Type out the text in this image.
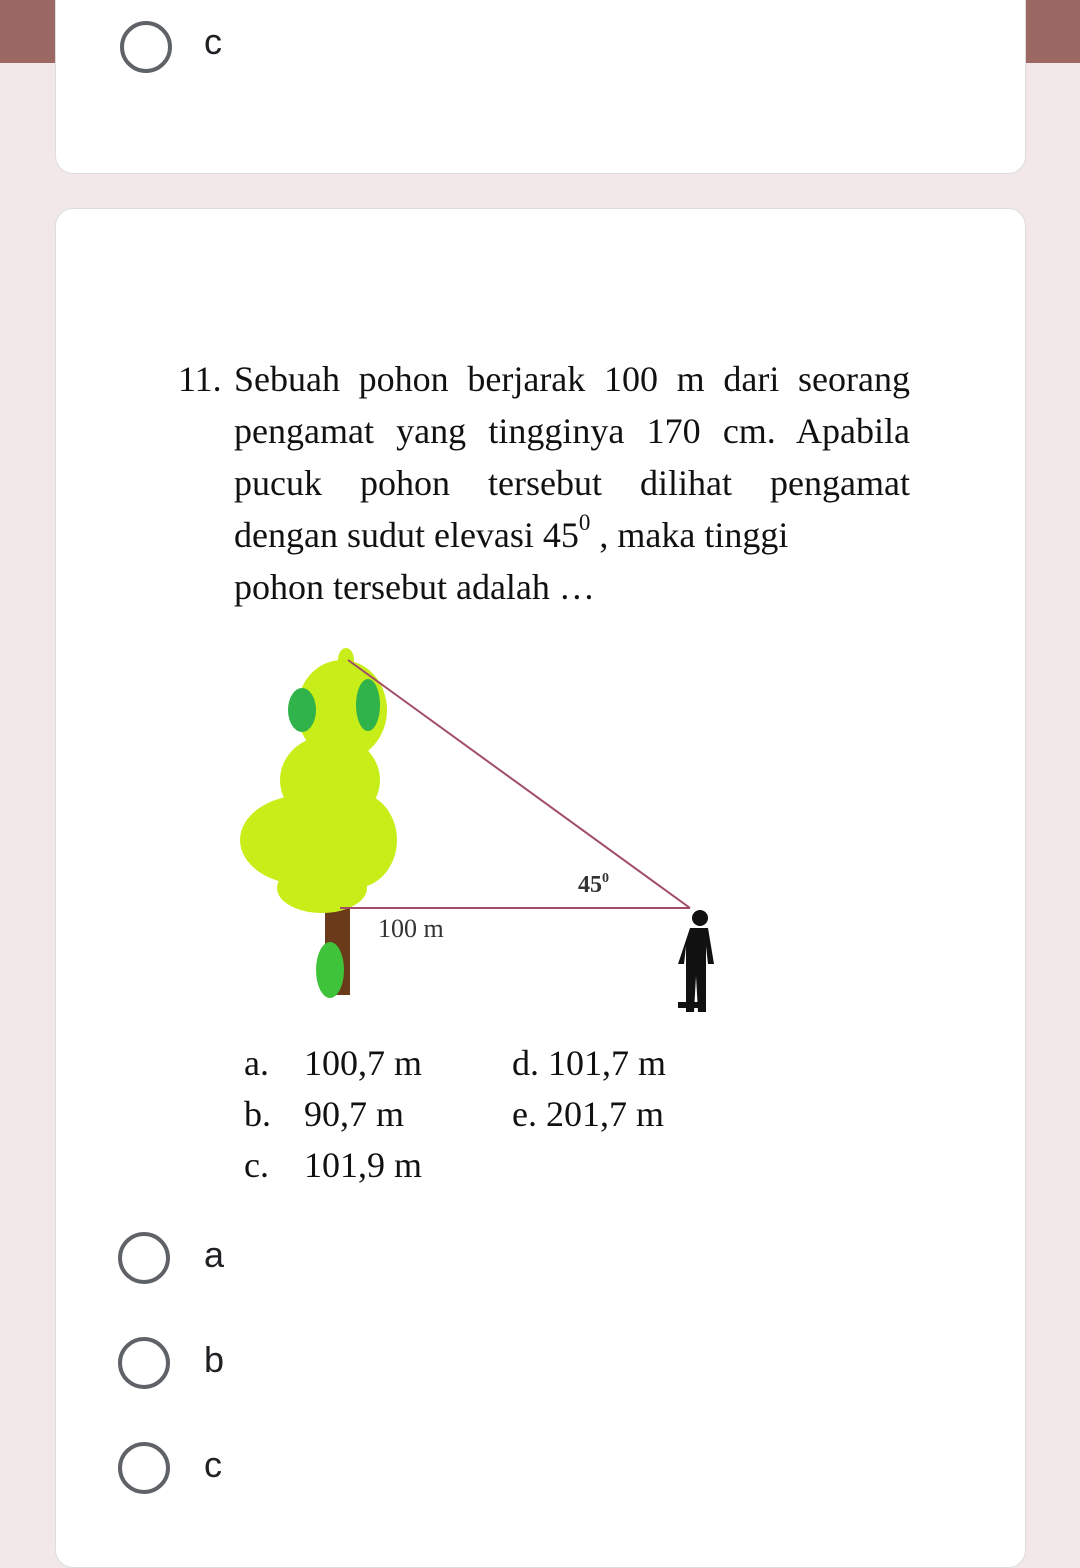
c
11. Sebuah pohon berjarak 100 m dari seorang
pengamat yang tingginya 170 cm. Apabila
pucuk pohon tersebut dilihat pengamat
dengan sudut elevasi $45^0$ , maka tinggi
pohon tersebut adalah …
$45^0$
100 m
a. 100,7 m
b. 90,7 m
c. 101,9 m
d. 101,7 m
e. 201,7 m
a
b
c
